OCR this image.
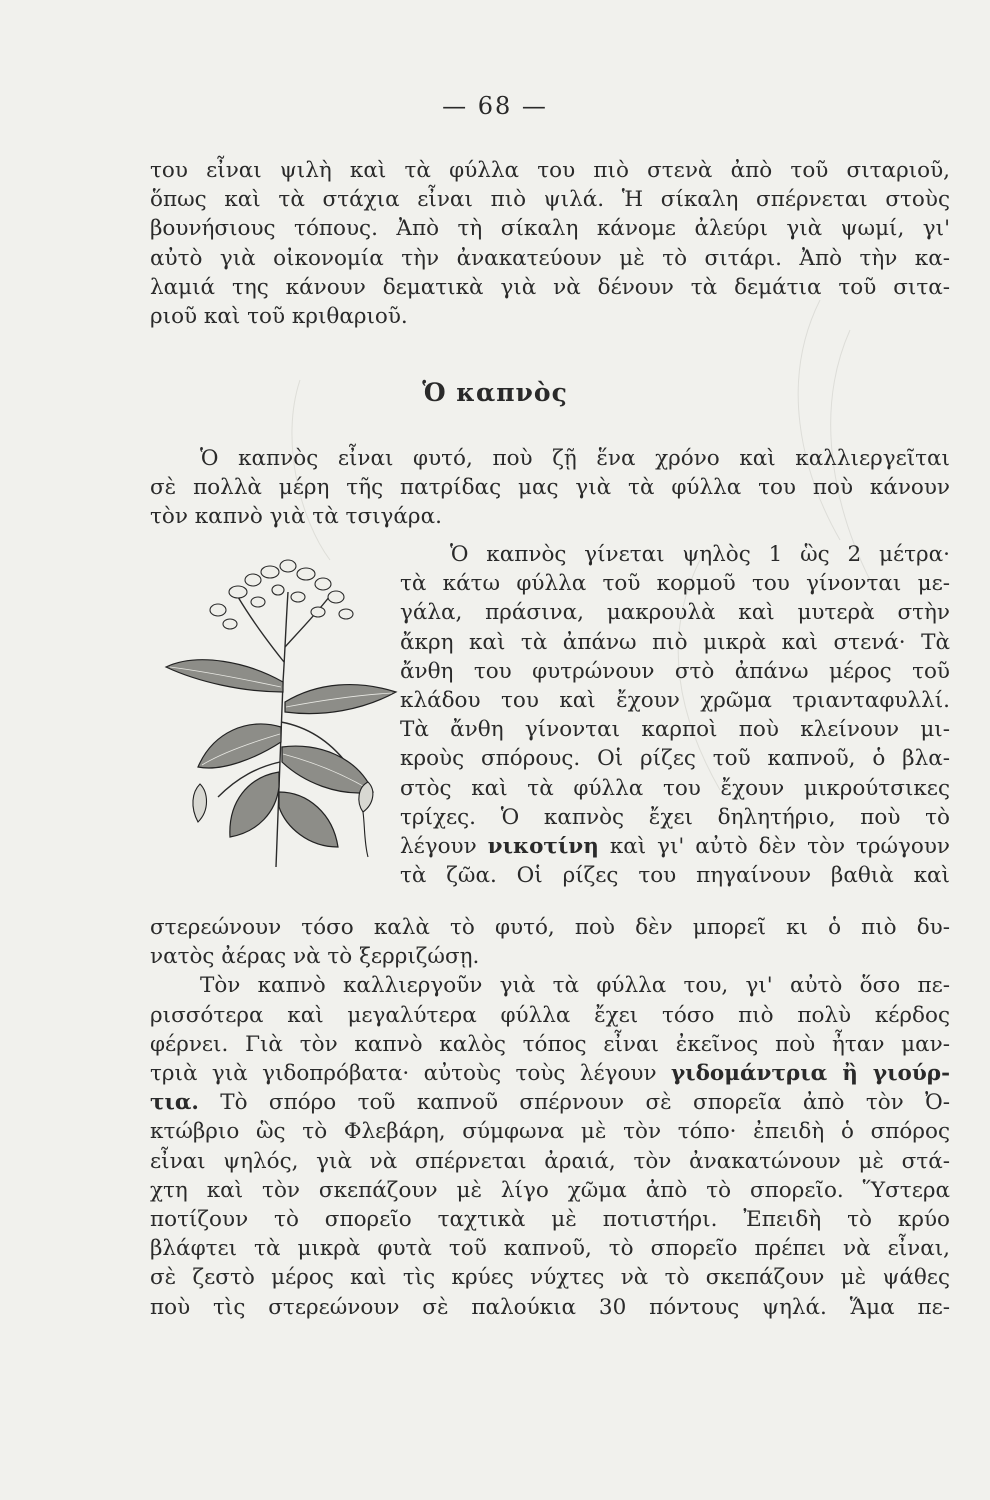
— 68 —
του εἶναι ψιλὴ καὶ τὰ φύλλα του πιὸ στενὰ ἀπὸ τοῦ σιταριοῦ,
ὅπως καὶ τὰ στάχια εἶναι πιὸ ψιλά. Ἡ σίκαλη σπέρνεται στοὺς
βουνήσιους τόπους. Ἀπὸ τὴ σίκαλη κάνομε ἀλεύρι γιὰ ψωμί, γι'
αὐτὸ γιὰ οἰκονομία τὴν ἀνακατεύουν μὲ τὸ σιτάρι. Ἀπὸ τὴν κα-
λαμιά της κάνουν δεματικὰ γιὰ νὰ δένουν τὰ δεμάτια τοῦ σιτα-
ριοῦ καὶ τοῦ κριθαριοῦ.
Ὁ καπνὸς
Ὁ καπνὸς εἶναι φυτό, ποὺ ζῇ ἕνα χρόνο καὶ καλλιεργεῖται
σὲ πολλὰ μέρη τῆς πατρίδας μας γιὰ τὰ φύλλα του ποὺ κάνουν
τὸν καπνὸ γιὰ τὰ τσιγάρα.
Ὁ καπνὸς γίνεται ψηλὸς 1 ὣς 2 μέτρα·
τὰ κάτω φύλλα τοῦ κορμοῦ του γίνονται με-
γάλα, πράσινα, μακρουλὰ καὶ μυτερὰ στὴν
ἄκρη καὶ τὰ ἀπάνω πιὸ μικρὰ καὶ στενά· Τὰ
ἄνθη του φυτρώνουν στὸ ἀπάνω μέρος τοῦ
κλάδου του καὶ ἔχουν χρῶμα τριανταφυλλί.
Τὰ ἄνθη γίνονται καρποὶ ποὺ κλείνουν μι-
κροὺς σπόρους. Οἱ ρίζες τοῦ καπνοῦ, ὁ βλα-
στὸς καὶ τὰ φύλλα του ἔχουν μικρούτσικες
τρίχες. Ὁ καπνὸς ἔχει δηλητήριο, ποὺ τὸ
λέγουν νικοτίνη καὶ γι' αὐτὸ δὲν τὸν τρώγουν
τὰ ζῶα. Οἱ ρίζες του πηγαίνουν βαθιὰ καὶ
στερεώνουν τόσο καλὰ τὸ φυτό, ποὺ δὲν μπορεῖ κι ὁ πιὸ δυ-
νατὸς ἀέρας νὰ τὸ ξερριζώσῃ.
Τὸν καπνὸ καλλιεργοῦν γιὰ τὰ φύλλα του, γι' αὐτὸ ὅσο πε-
ρισσότερα καὶ μεγαλύτερα φύλλα ἔχει τόσο πιὸ πολὺ κέρδος
φέρνει. Γιὰ τὸν καπνὸ καλὸς τόπος εἶναι ἐκεῖνος ποὺ ἦταν μαν-
τριὰ γιὰ γιδοπρόβατα· αὐτοὺς τοὺς λέγουν γιδομάντρια ἢ γιούρ-
τια. Τὸ σπόρο τοῦ καπνοῦ σπέρνουν σὲ σπορεῖα ἀπὸ τὸν Ὀ-
κτώβριο ὣς τὸ Φλεβάρη, σύμφωνα μὲ τὸν τόπο· ἐπειδὴ ὁ σπόρος
εἶναι ψηλός, γιὰ νὰ σπέρνεται ἀραιά, τὸν ἀνακατώνουν μὲ στά-
χτη καὶ τὸν σκεπάζουν μὲ λίγο χῶμα ἀπὸ τὸ σπορεῖο. Ὕστερα
ποτίζουν τὸ σπορεῖο ταχτικὰ μὲ ποτιστήρι. Ἐπειδὴ τὸ κρύο
βλάφτει τὰ μικρὰ φυτὰ τοῦ καπνοῦ, τὸ σπορεῖο πρέπει νὰ εἶναι,
σὲ ζεστὸ μέρος καὶ τὶς κρύες νύχτες νὰ τὸ σκεπάζουν μὲ ψάθες
ποὺ τὶς στερεώνουν σὲ παλούκια 30 πόντους ψηλά. Ἅμα πε-
